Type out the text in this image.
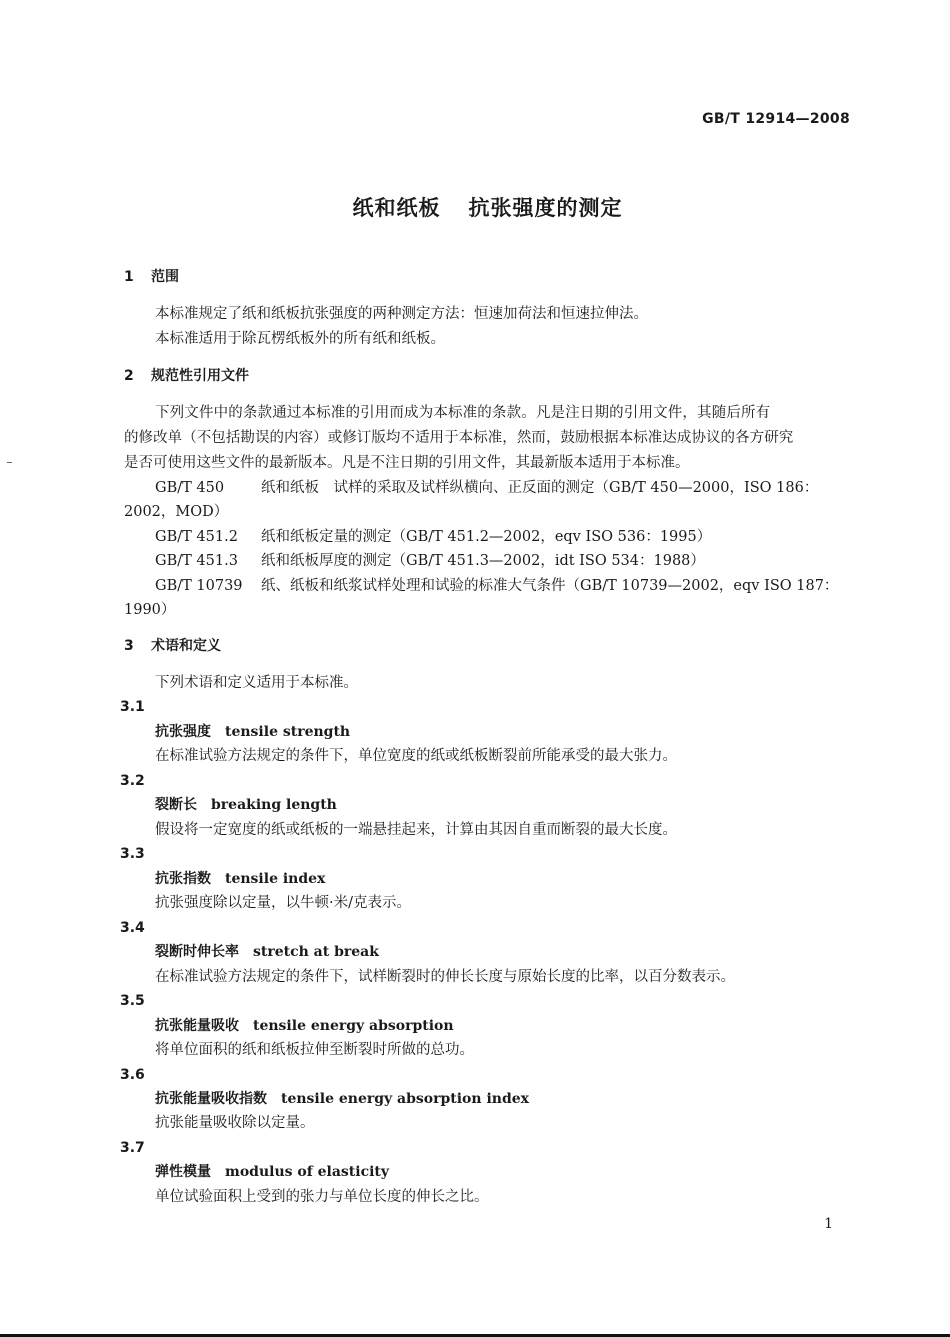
GB/T 12914—2008
纸和纸板 抗张强度的测定
1 范围
本标准规定了纸和纸板抗张强度的两种测定方法：恒速加荷法和恒速拉伸法。
本标准适用于除瓦楞纸板外的所有纸和纸板。
2 规范性引用文件
下列文件中的条款通过本标准的引用而成为本标准的条款。凡是注日期的引用文件，其随后所有
的修改单（不包括勘误的内容）或修订版均不适用于本标准，然而，鼓励根据本标准达成协议的各方研究
是否可使用这些文件的最新版本。凡是不注日期的引用文件，其最新版本适用于本标准。
GB/T 450	纸和纸板　试样的采取及试样纵横向、正反面的测定（GB/T 450—2000，ISO 186：
2002，MOD）
GB/T 451.2 纸和纸板定量的测定（GB/T 451.2—2002，eqv ISO 536：1995）
GB/T 451.3 纸和纸板厚度的测定（GB/T 451.3—2002，idt ISO 534：1988）
GB/T 10739 纸、纸板和纸浆试样处理和试验的标准大气条件（GB/T 10739—2002，eqv ISO 187：
1990）
3 术语和定义
下列术语和定义适用于本标准。
3.1
抗张强度 tensile strength
在标准试验方法规定的条件下，单位宽度的纸或纸板断裂前所能承受的最大张力。
3.2
裂断长 breaking length
假设将一定宽度的纸或纸板的一端悬挂起来，计算由其因自重而断裂的最大长度。
3.3
抗张指数 tensile index
抗张强度除以定量，以牛顿·米/克表示。
3.4
裂断时伸长率 stretch at break
在标准试验方法规定的条件下，试样断裂时的伸长长度与原始长度的比率，以百分数表示。
3.5
抗张能量吸收 tensile energy absorption
将单位面积的纸和纸板拉伸至断裂时所做的总功。
3.6
抗张能量吸收指数 tensile energy absorption index
抗张能量吸收除以定量。
3.7
弹性模量 modulus of elasticity
单位试验面积上受到的张力与单位长度的伸长之比。
1
